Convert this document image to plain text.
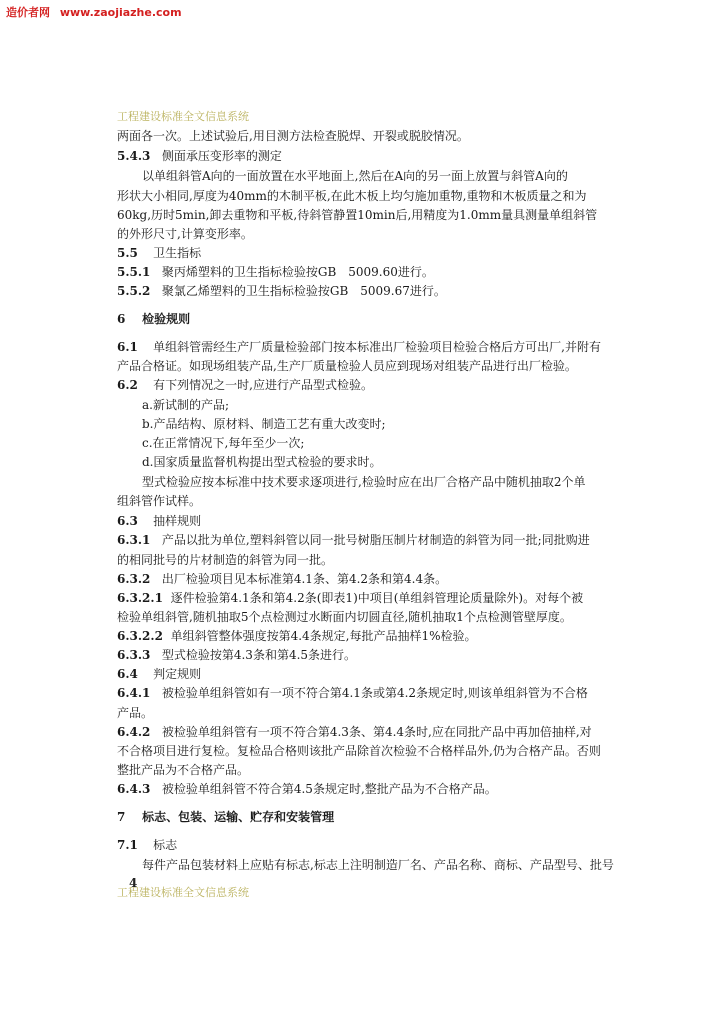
造价者网 www.zaojiazhe.com
工程建设标准全文信息系统
两面各一次。上述试验后,用目测方法检查脱焊、开裂或脱胶情况。
5.4.3 侧面承压变形率的测定
以单组斜管A向的一面放置在水平地面上,然后在A向的另一面上放置与斜管A向的
形状大小相同,厚度为40mm的木制平板,在此木板上均匀施加重物,重物和木板质量之和为
60kg,历时5min,卸去重物和平板,待斜管静置10min后,用精度为1.0mm量具测量单组斜管
的外形尺寸,计算变形率。
5.5 卫生指标
5.5.1 聚丙烯塑料的卫生指标检验按GB　5009.60进行。
5.5.2 聚氯乙烯塑料的卫生指标检验按GB　5009.67进行。
6 检验规则
6.1 单组斜管需经生产厂质量检验部门按本标准出厂检验项目检验合格后方可出厂,并附有
产品合格证。如现场组装产品,生产厂质量检验人员应到现场对组装产品进行出厂检验。
6.2 有下列情况之一时,应进行产品型式检验。
a.新试制的产品;
b.产品结构、原材料、制造工艺有重大改变时;
c.在正常情况下,每年至少一次;
d.国家质量监督机构提出型式检验的要求时。
型式检验应按本标准中技术要求逐项进行,检验时应在出厂合格产品中随机抽取2个单
组斜管作试样。
6.3 抽样规则
6.3.1 产品以批为单位,塑料斜管以同一批号树脂压制片材制造的斜管为同一批;同批购进
的相同批号的片材制造的斜管为同一批。
6.3.2 出厂检验项目见本标准第4.1条、第4.2条和第4.4条。
6.3.2.1 逐件检验第4.1条和第4.2条(即表1)中项目(单组斜管理论质量除外)。对每个被
检验单组斜管,随机抽取5个点检测过水断面内切圆直径,随机抽取1个点检测管壁厚度。
6.3.2.2 单组斜管整体强度按第4.4条规定,每批产品抽样1%检验。
6.3.3 型式检验按第4.3条和第4.5条进行。
6.4 判定规则
6.4.1 被检验单组斜管如有一项不符合第4.1条或第4.2条规定时,则该单组斜管为不合格
产品。
6.4.2 被检验单组斜管有一项不符合第4.3条、第4.4条时,应在同批产品中再加倍抽样,对
不合格项目进行复检。复检品合格则该批产品除首次检验不合格样品外,仍为合格产品。否则
整批产品为不合格产品。
6.4.3 被检验单组斜管不符合第4.5条规定时,整批产品为不合格产品。
7 标志、包装、运输、贮存和安装管理
7.1 标志
每件产品包装材料上应贴有标志,标志上注明制造厂名、产品名称、商标、产品型号、批号
4
工程建设标准全文信息系统
